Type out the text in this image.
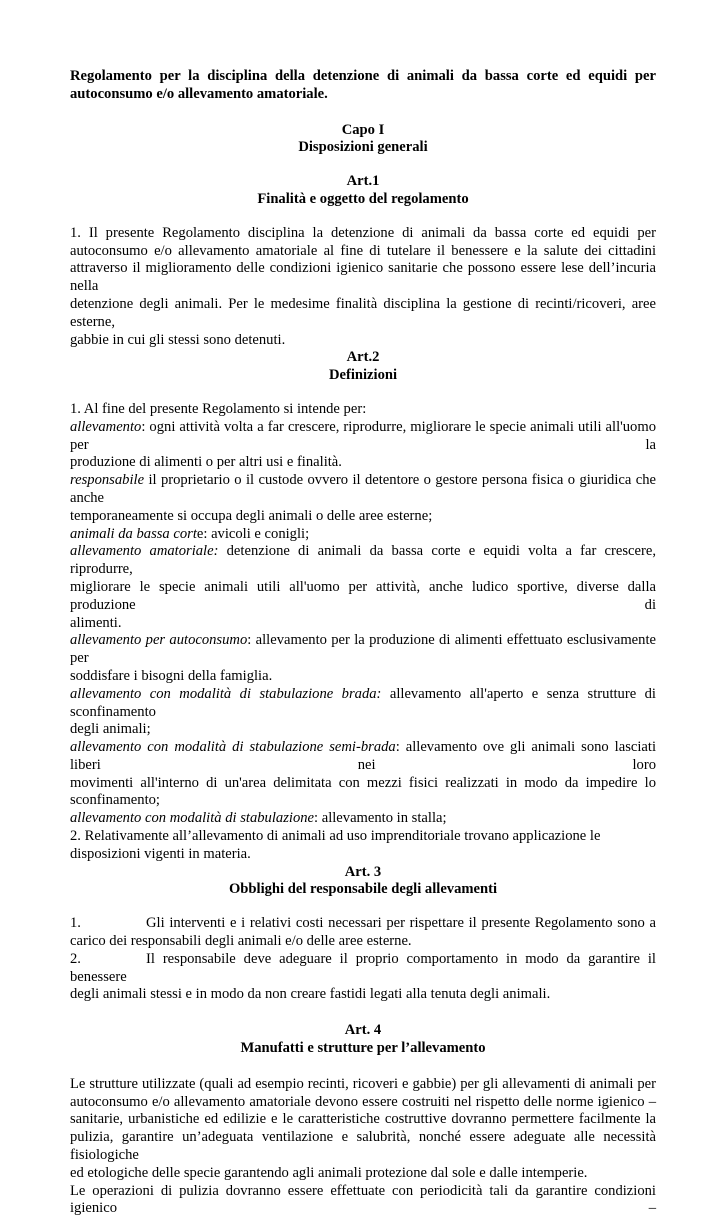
Regolamento per la disciplina della detenzione di animali da bassa corte ed equidi per
autoconsumo e/o allevamento amatoriale.
Capo I
Disposizioni generali
Art.1
Finalità e oggetto del regolamento
1. Il presente Regolamento disciplina la detenzione di animali da bassa corte ed equidi per
autoconsumo e/o allevamento amatoriale al fine di tutelare il benessere e la salute dei cittadini
attraverso il miglioramento delle condizioni igienico sanitarie che possono essere lese dell’incuria nella
detenzione degli animali. Per le medesime finalità disciplina la gestione di recinti/ricoveri, aree esterne,
gabbie in cui gli stessi sono detenuti.
Art.2
Definizioni
1. Al fine del presente Regolamento si intende per:
allevamento: ogni attività volta a far crescere, riprodurre, migliorare le specie animali utili all'uomo per la
produzione di alimenti o per altri usi e finalità.
responsabile il proprietario o il custode ovvero il detentore o gestore persona fisica o giuridica che anche
temporaneamente si occupa degli animali o delle aree esterne;
animali da bassa corte: avicoli e conigli;
allevamento amatoriale: detenzione di animali da bassa corte e equidi volta a far crescere, riprodurre,
migliorare le specie animali utili all'uomo per attività, anche ludico sportive, diverse dalla produzione di
alimenti.
allevamento per autoconsumo: allevamento per la produzione di alimenti effettuato esclusivamente per
soddisfare i bisogni della famiglia.
allevamento con modalità di stabulazione brada: allevamento all'aperto e senza strutture di sconfinamento
degli animali;
allevamento con modalità di stabulazione semi-brada: allevamento ove gli animali sono lasciati liberi nei loro
movimenti all'interno di un'area delimitata con mezzi fisici realizzati in modo da impedire lo
sconfinamento;
allevamento con modalità di stabulazione: allevamento in stalla;
2. Relativamente all’allevamento di animali ad uso imprenditoriale trovano applicazione le
disposizioni vigenti in materia.
Art. 3
Obblighi del responsabile degli allevamenti
1.	Gli interventi e i relativi costi necessari per rispettare il presente Regolamento sono a
carico dei responsabili degli animali e/o delle aree esterne.
2.	Il responsabile deve adeguare il proprio comportamento in modo da garantire il benessere
degli animali stessi e in modo da non creare fastidi legati alla tenuta degli animali.
Art. 4
Manufatti e strutture per l’allevamento
Le strutture utilizzate (quali ad esempio recinti, ricoveri e gabbie) per gli allevamenti di animali per
autoconsumo e/o allevamento amatoriale devono essere costruiti nel rispetto delle norme igienico –
sanitarie, urbanistiche ed edilizie e le caratteristiche costruttive dovranno permettere facilmente la
pulizia, garantire un’adeguata ventilazione e salubrità, nonché essere adeguate alle necessità fisiologiche
ed etologiche delle specie garantendo agli animali protezione dal sole e dalle intemperie.
Le operazioni di pulizia dovranno essere effettuate con periodicità tali da garantire condizioni igienico –
